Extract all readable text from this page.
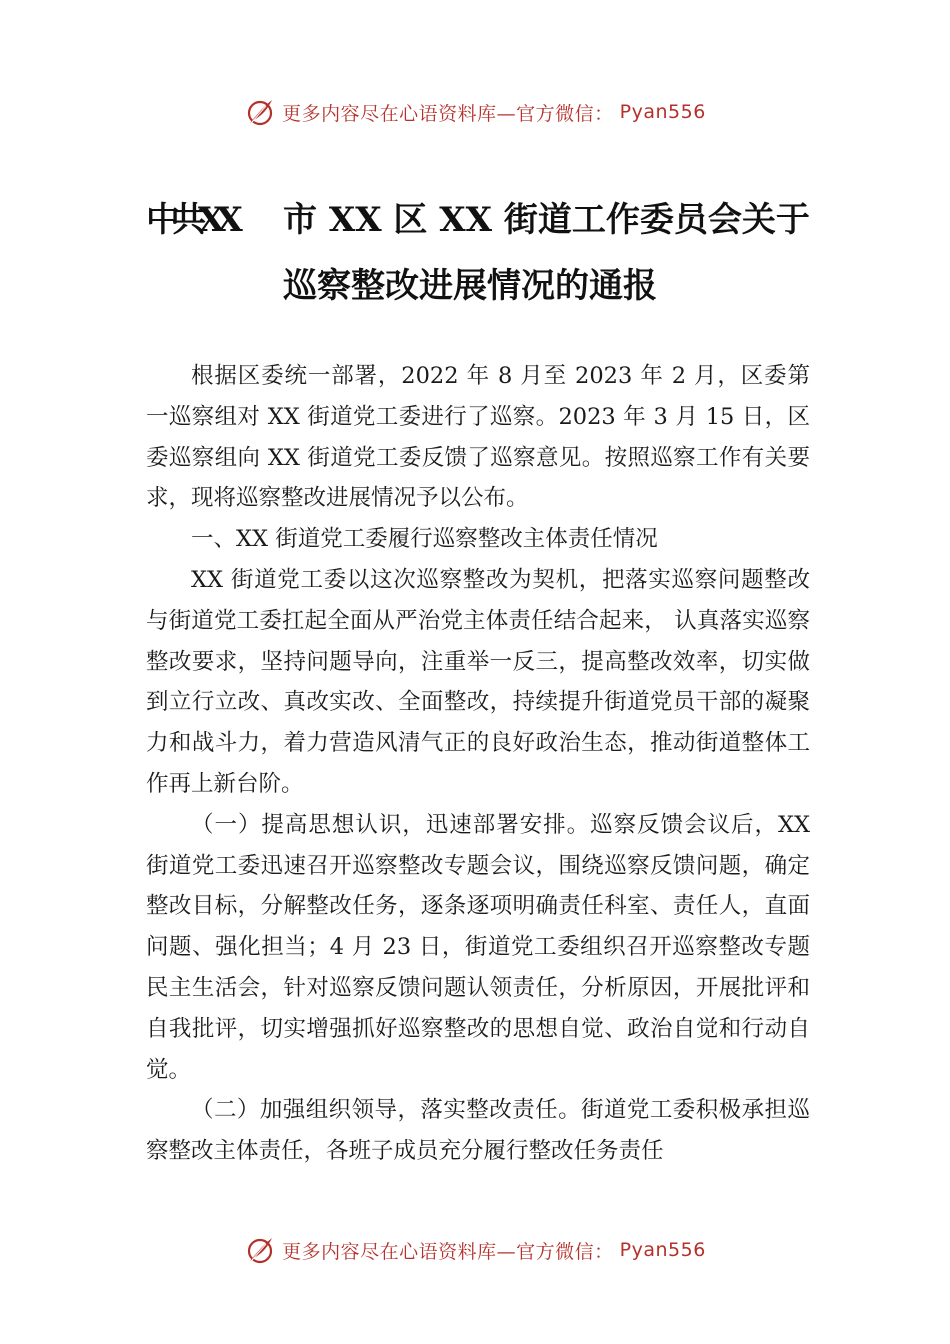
更多内容尽在心语资料库—官方微信： Pyan556
中共XX 市 XX 区 XX 街道工作委员会关于
巡察整改进展情况的通报

根据区委统一部署，2022 年 8 月至 2023 年 2 月，区委第一巡察组对 XX 街道党工委进行了巡察。2023 年 3 月 15 日，区委巡察组向 XX 街道党工委反馈了巡察意见。按照巡察工作有关要求，现将巡察整改进展情况予以公布。

一、XX 街道党工委履行巡察整改主体责任情况

XX 街道党工委以这次巡察整改为契机，把落实巡察问题整改与街道党工委扛起全面从严治党主体责任结合起来， 认真落实巡察整改要求，坚持问题导向，注重举一反三，提高整改效率，切实做到立行立改、真改实改、全面整改，持续提升街道党员干部的凝聚力和战斗力，着力营造风清气正的良好政治生态，推动街道整体工作再上新台阶。

（一）提高思想认识，迅速部署安排。巡察反馈会议后，XX 街道党工委迅速召开巡察整改专题会议，围绕巡察反馈问题，确定整改目标，分解整改任务，逐条逐项明确责任科室、责任人，直面问题、强化担当；4 月 23 日，街道党工委组织召开巡察整改专题民主生活会，针对巡察反馈问题认领责任，分析原因，开展批评和自我批评，切实增强抓好巡察整改的思想自觉、政治自觉和行动自觉。

（二）加强组织领导，落实整改责任。街道党工委积极承担巡察整改主体责任，各班子成员充分履行整改任务责任

更多内容尽在心语资料库—官方微信： Pyan556
